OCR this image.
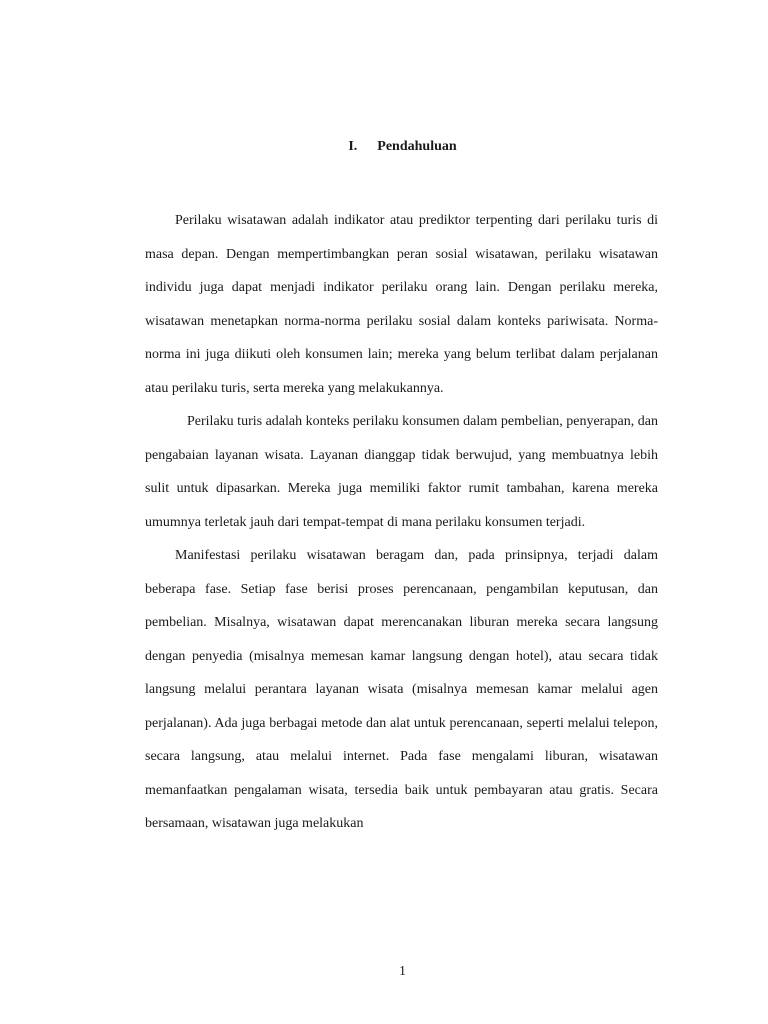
I. Pendahuluan

Perilaku wisatawan adalah indikator atau prediktor terpenting dari perilaku turis di masa depan. Dengan mempertimbangkan peran sosial wisatawan, perilaku wisatawan individu juga dapat menjadi indikator perilaku orang lain. Dengan perilaku mereka, wisatawan menetapkan norma-norma perilaku sosial dalam konteks pariwisata. Norma-norma ini juga diikuti oleh konsumen lain; mereka yang belum terlibat dalam perjalanan atau perilaku turis, serta mereka yang melakukannya.

Perilaku turis adalah konteks perilaku konsumen dalam pembelian, penyerapan, dan pengabaian layanan wisata. Layanan dianggap tidak berwujud, yang membuatnya lebih sulit untuk dipasarkan. Mereka juga memiliki faktor rumit tambahan, karena mereka umumnya terletak jauh dari tempat-tempat di mana perilaku konsumen terjadi.

Manifestasi perilaku wisatawan beragam dan, pada prinsipnya, terjadi dalam beberapa fase. Setiap fase berisi proses perencanaan, pengambilan keputusan, dan pembelian. Misalnya, wisatawan dapat merencanakan liburan mereka secara langsung dengan penyedia (misalnya memesan kamar langsung dengan hotel), atau secara tidak langsung melalui perantara layanan wisata (misalnya memesan kamar melalui agen perjalanan). Ada juga berbagai metode dan alat untuk perencanaan, seperti melalui telepon, secara langsung, atau melalui internet. Pada fase mengalami liburan, wisatawan memanfaatkan pengalaman wisata, tersedia baik untuk pembayaran atau gratis. Secara bersamaan, wisatawan juga melakukan

1
